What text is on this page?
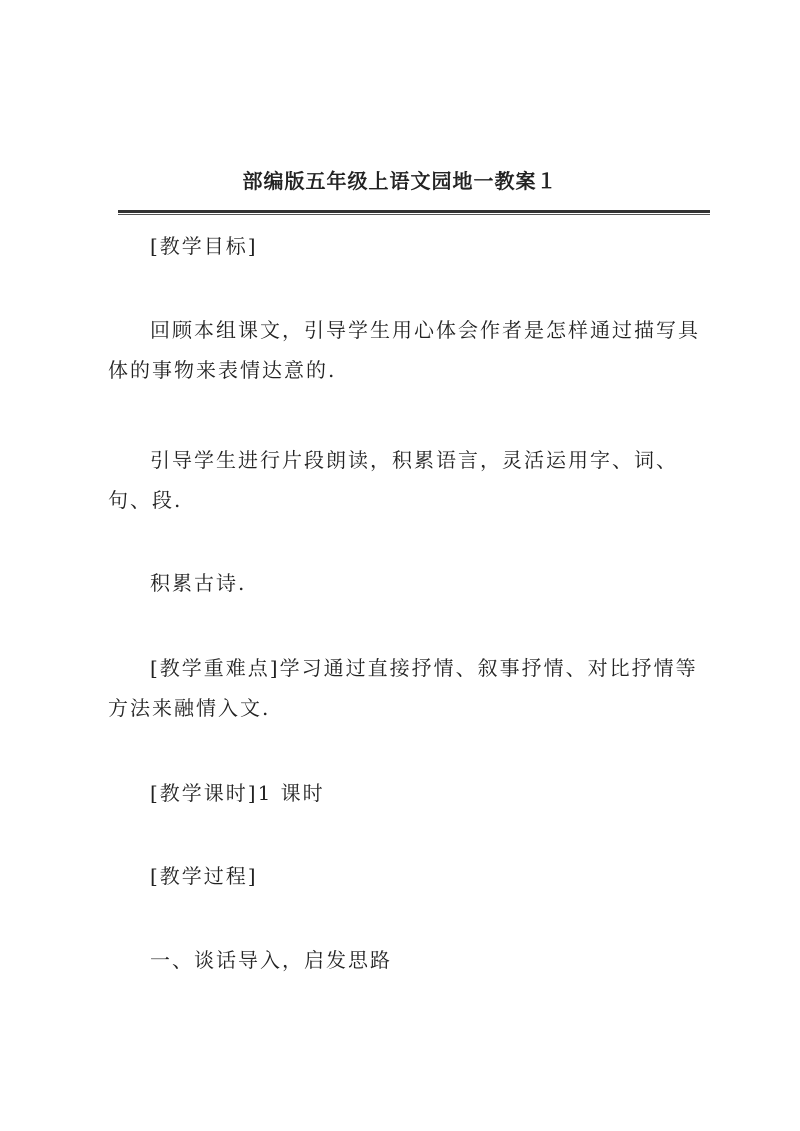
部编版五年级上语文园地一教案１

[教学目标]

回顾本组课文，引导学生用心体会作者是怎样通过描写具体的事物来表情达意的.

引导学生进行片段朗读，积累语言，灵活运用字、词、句、段.

积累古诗.

[教学重难点]学习通过直接抒情、叙事抒情、对比抒情等方法来融情入文.

[教学课时]1 课时

[教学过程]

一、谈话导入，启发思路
